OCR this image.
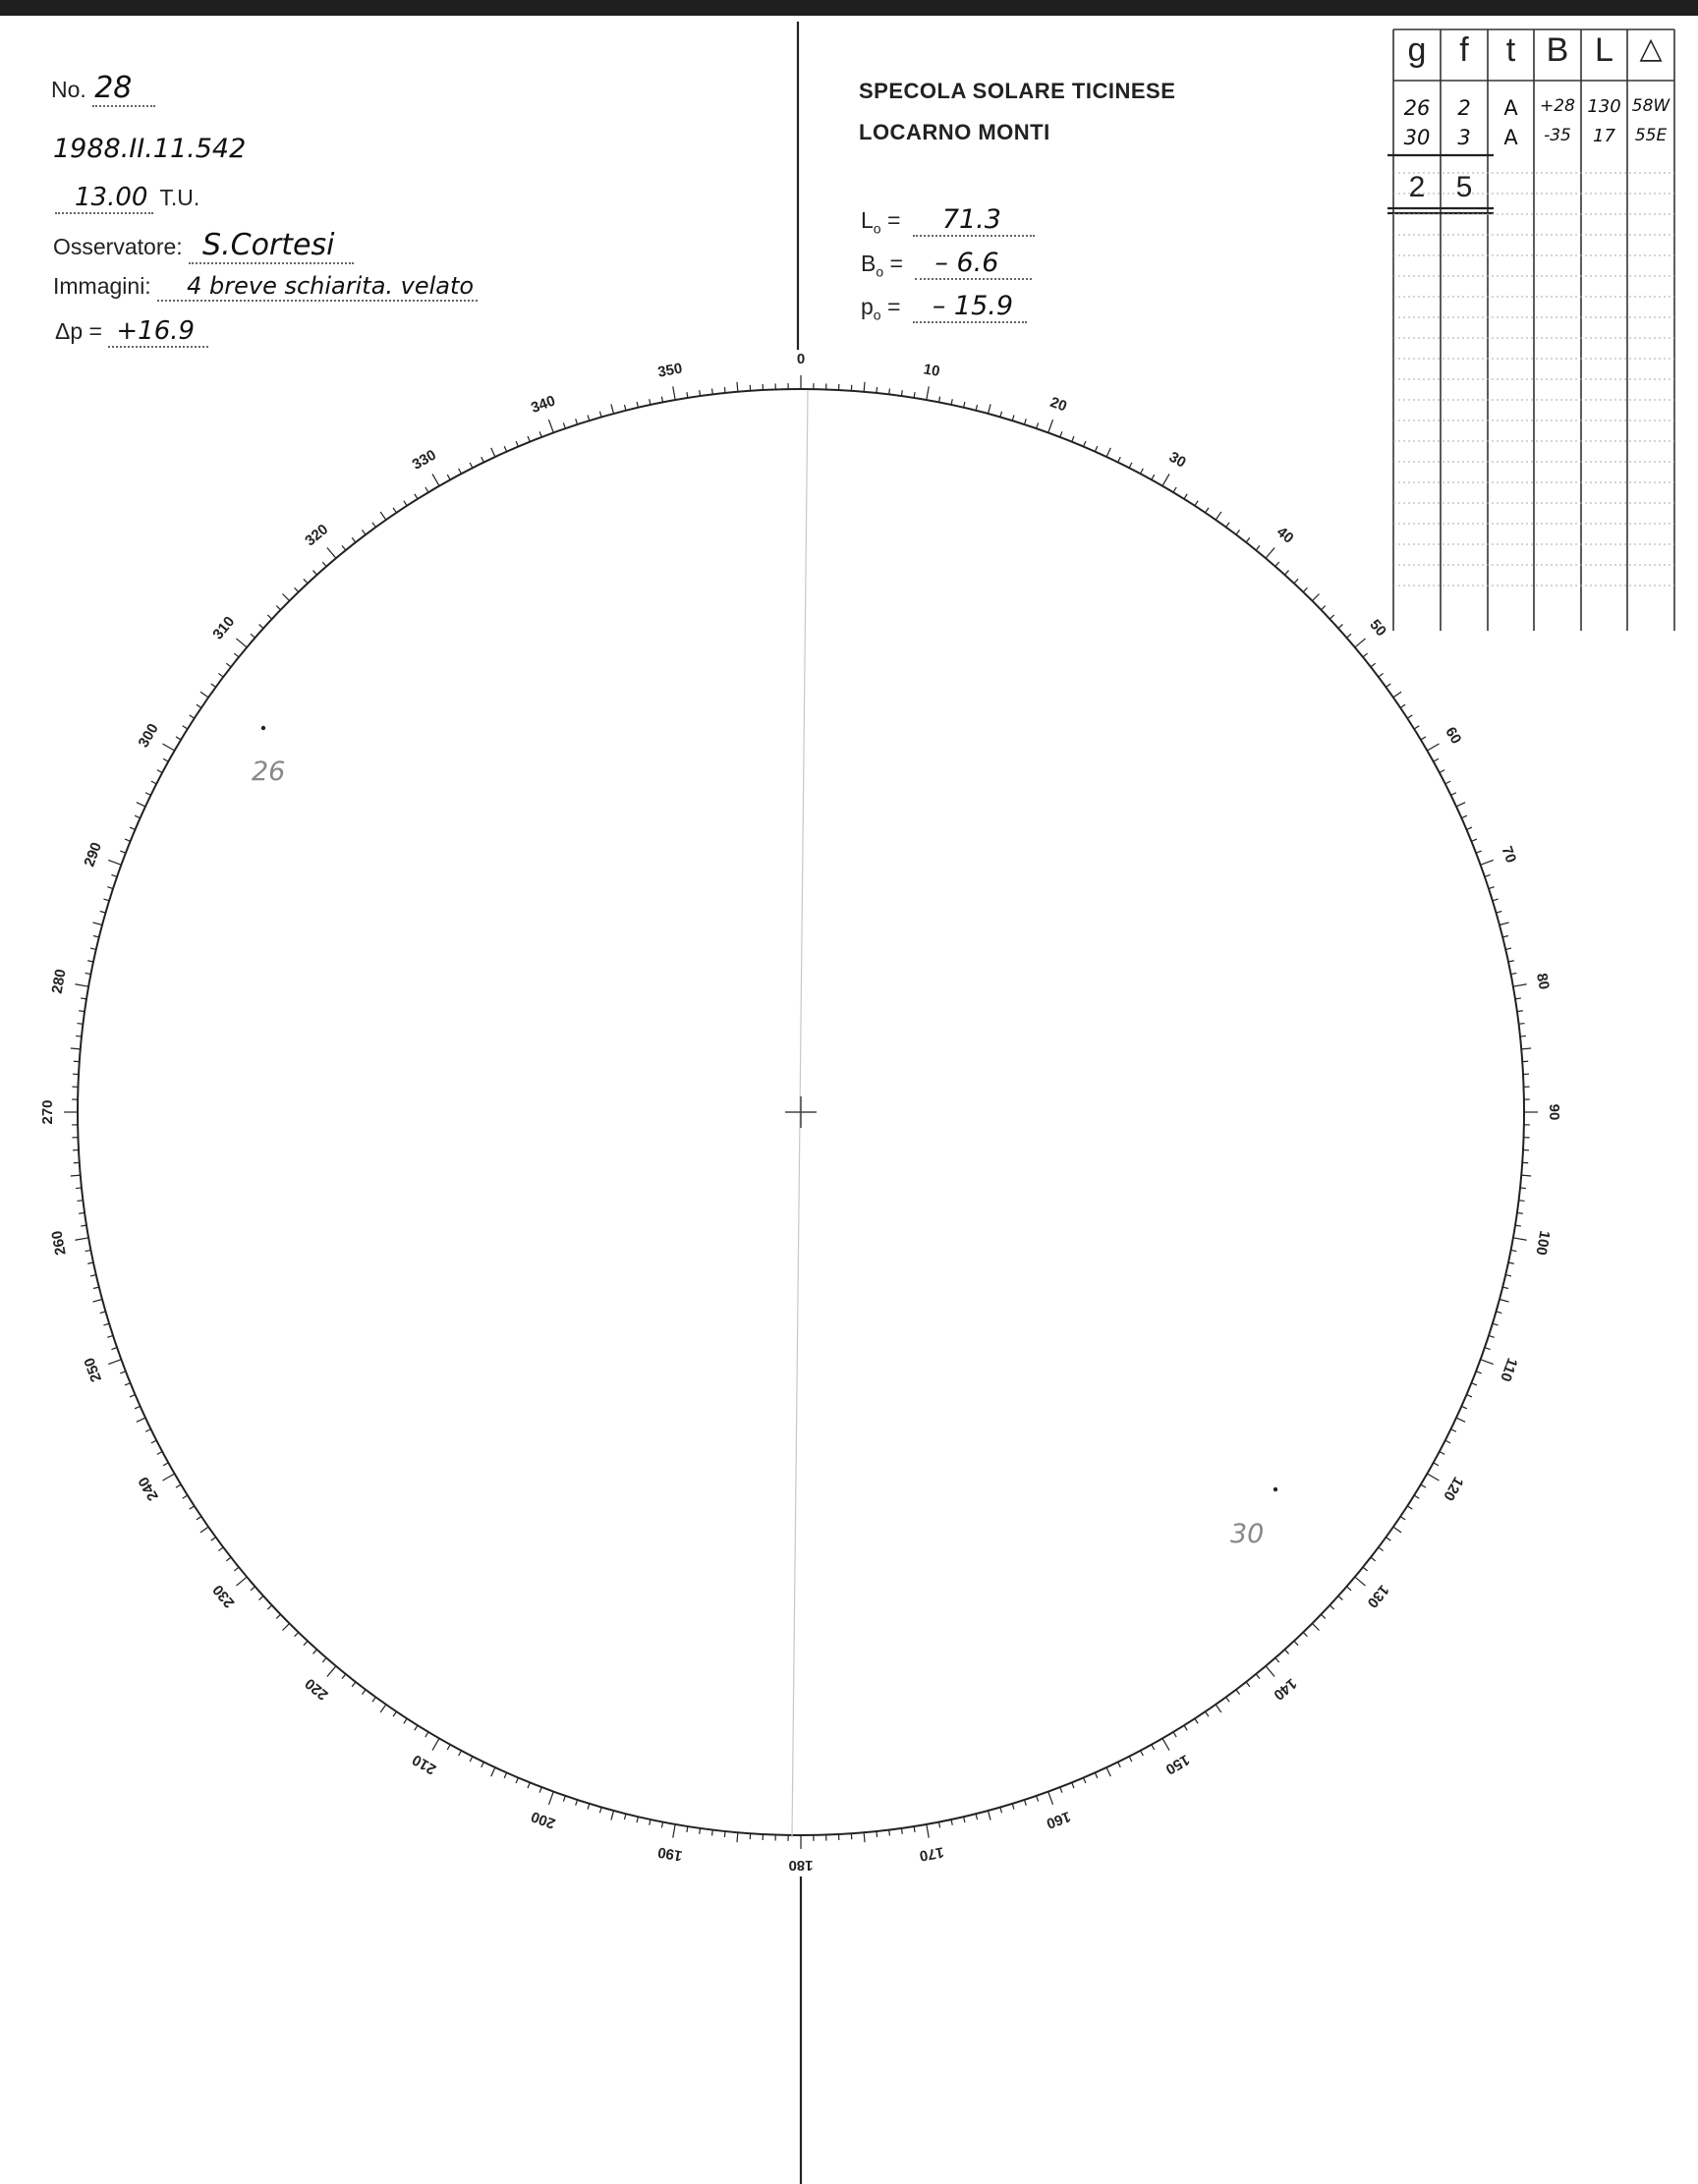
No. 28
1988.II.11.542
13.00 T.U.
Osservatore: S.Cortesi
Immagini: 4 breve schiarita. velato
Δp = +16.9
SPECOLA SOLARE TICINESE
LOCARNO MONTI
$L_o = 71.3$
$B_o$ = – 6.6
$p_o$ = – 15.9
0
10
20
30
40
50
60
70
80
90
100
110
120
130
140
150
160
170
180
190
200
210
220
230
240
250
260
270
280
290
300
310
320
330
340
350
g f	t B L △
26	2	A	+28 130 58W
30	3	A	-35	17	55E
2	5
26
30
